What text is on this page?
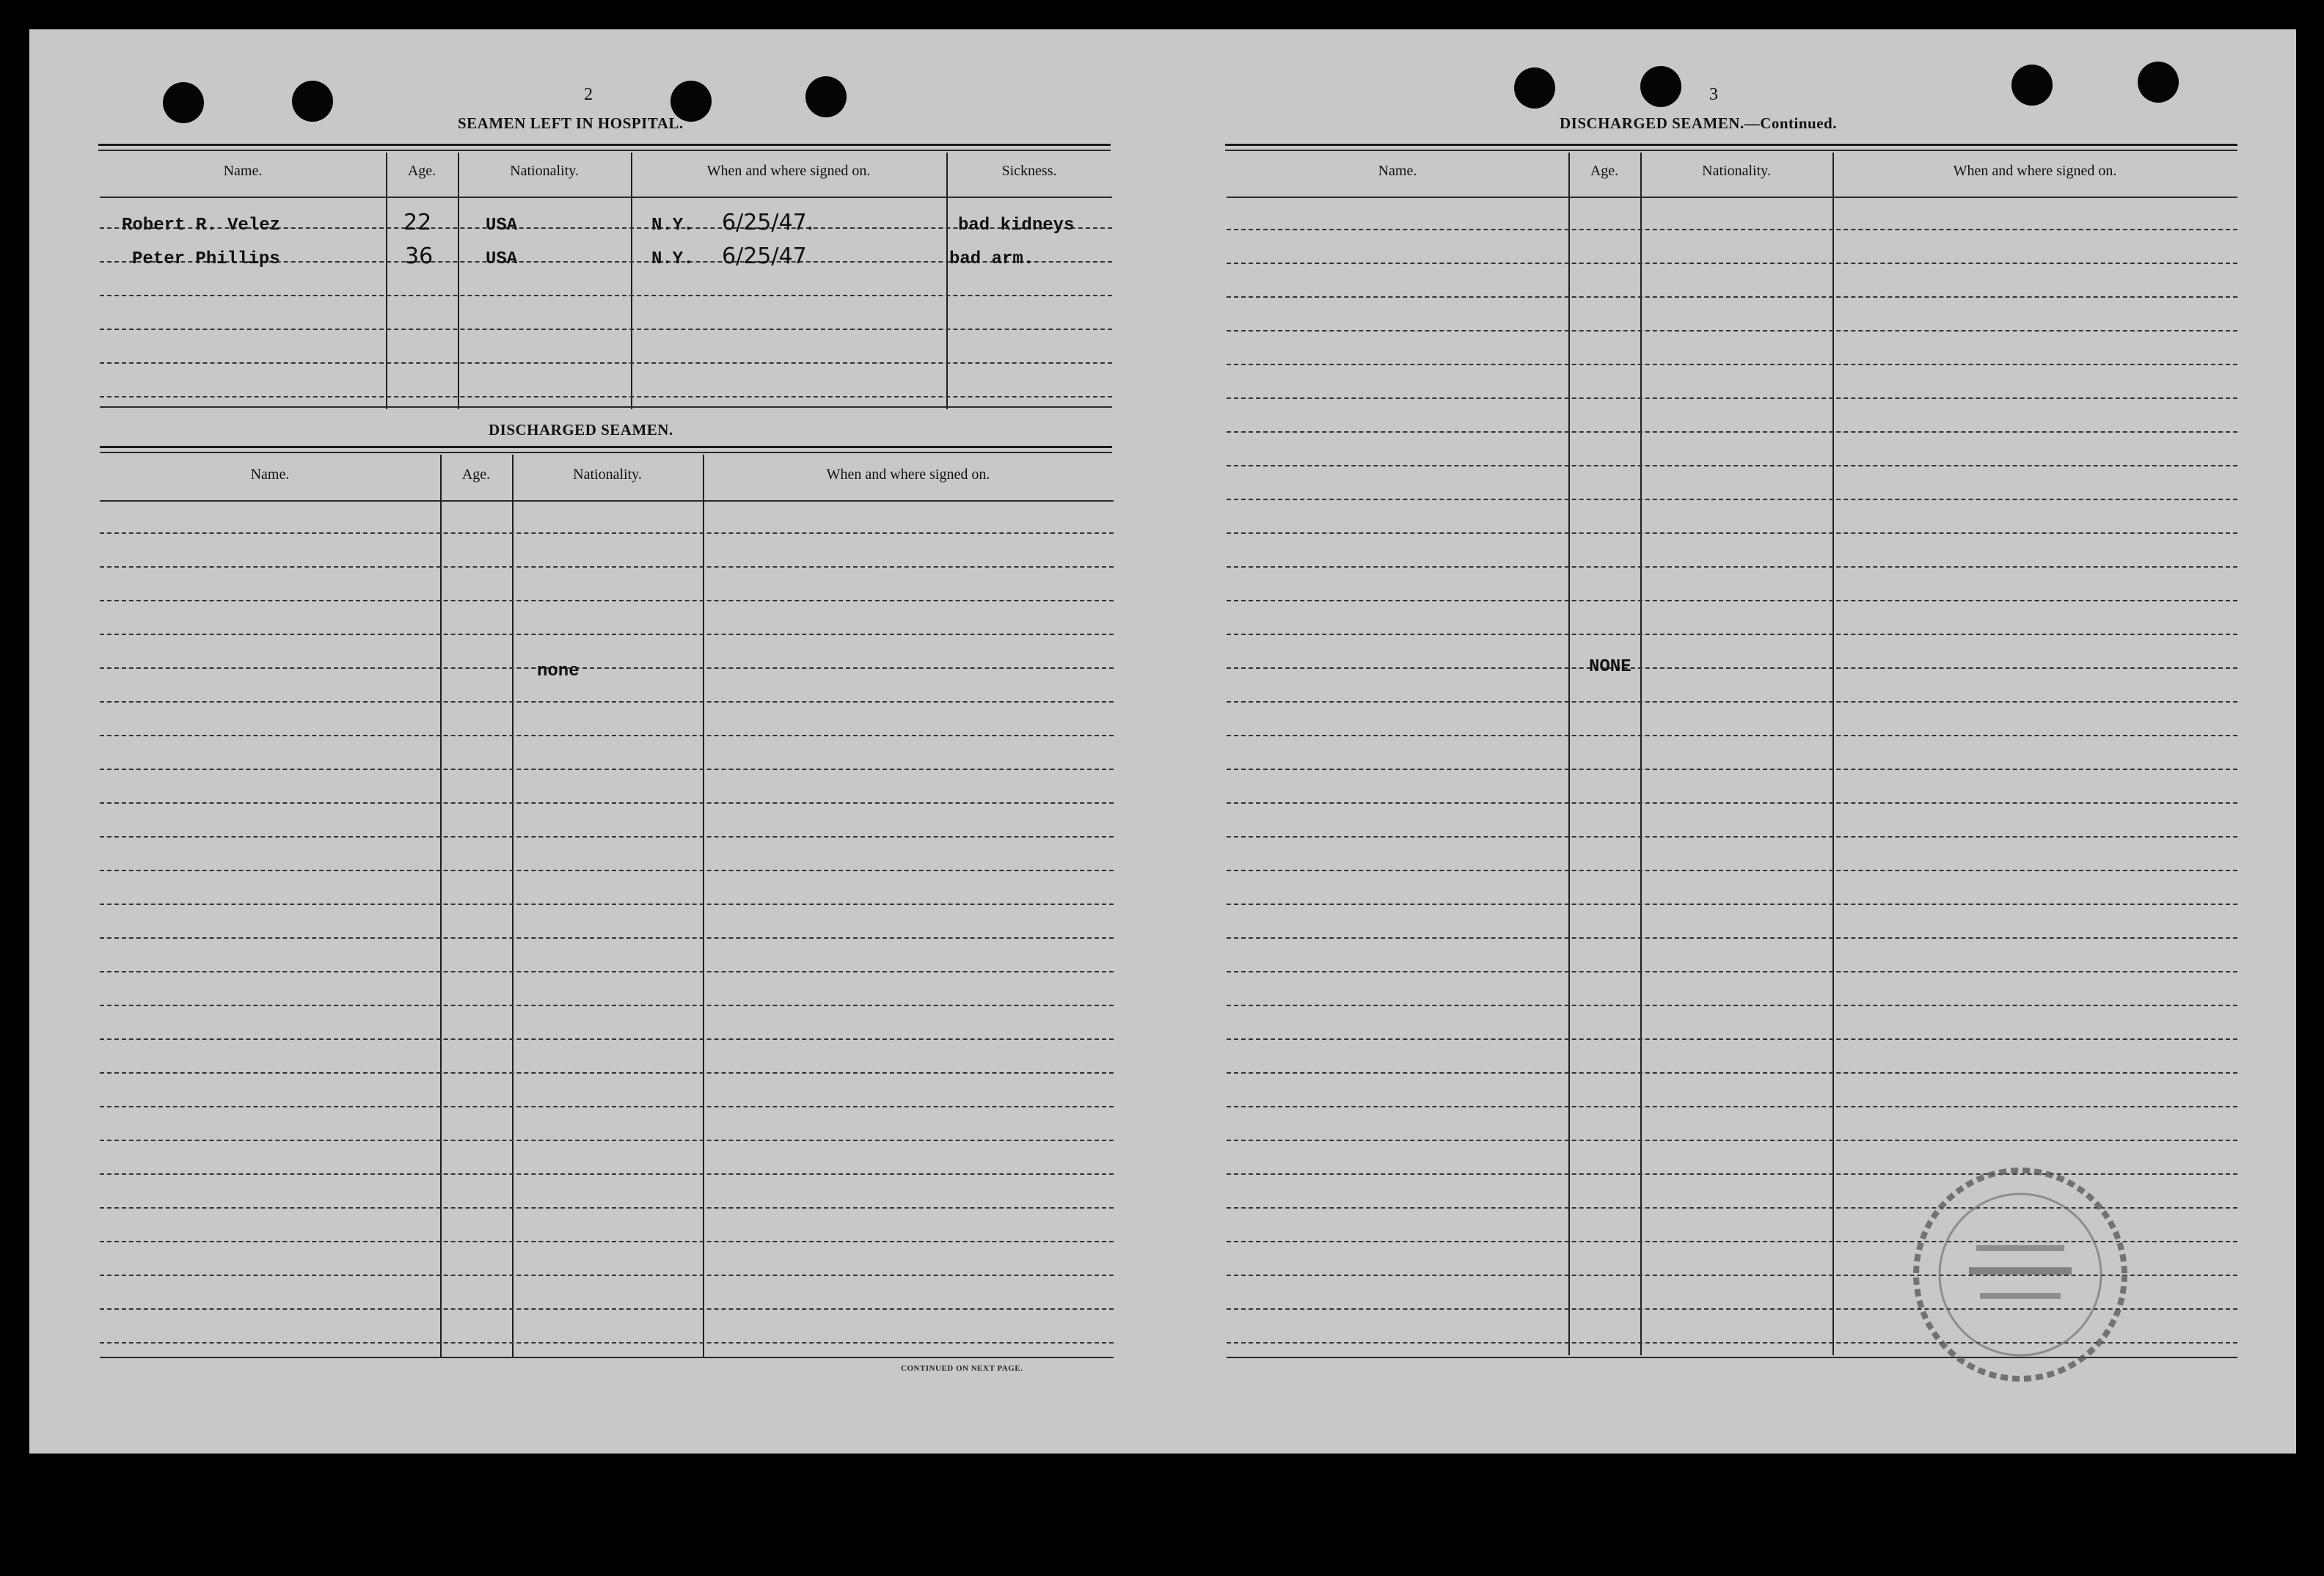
2
SEAMEN LEFT IN HOSPITAL.
Name.	Age.	Nationality.	When and where signed on.	Sickness.
Robert R. Velez	22	USA	N.Y. 6/25/47.	bad kidneys
Peter Phillips	36	USA	N.Y. 6/25/47	bad arm.
DISCHARGED SEAMEN.
Name.	Age.	Nationality.	When and where signed on.
none
CONTINUED ON NEXT PAGE.
3
DISCHARGED SEAMEN.—Continued.
Name.	Age.	Nationality.	When and where signed on.
NONE
